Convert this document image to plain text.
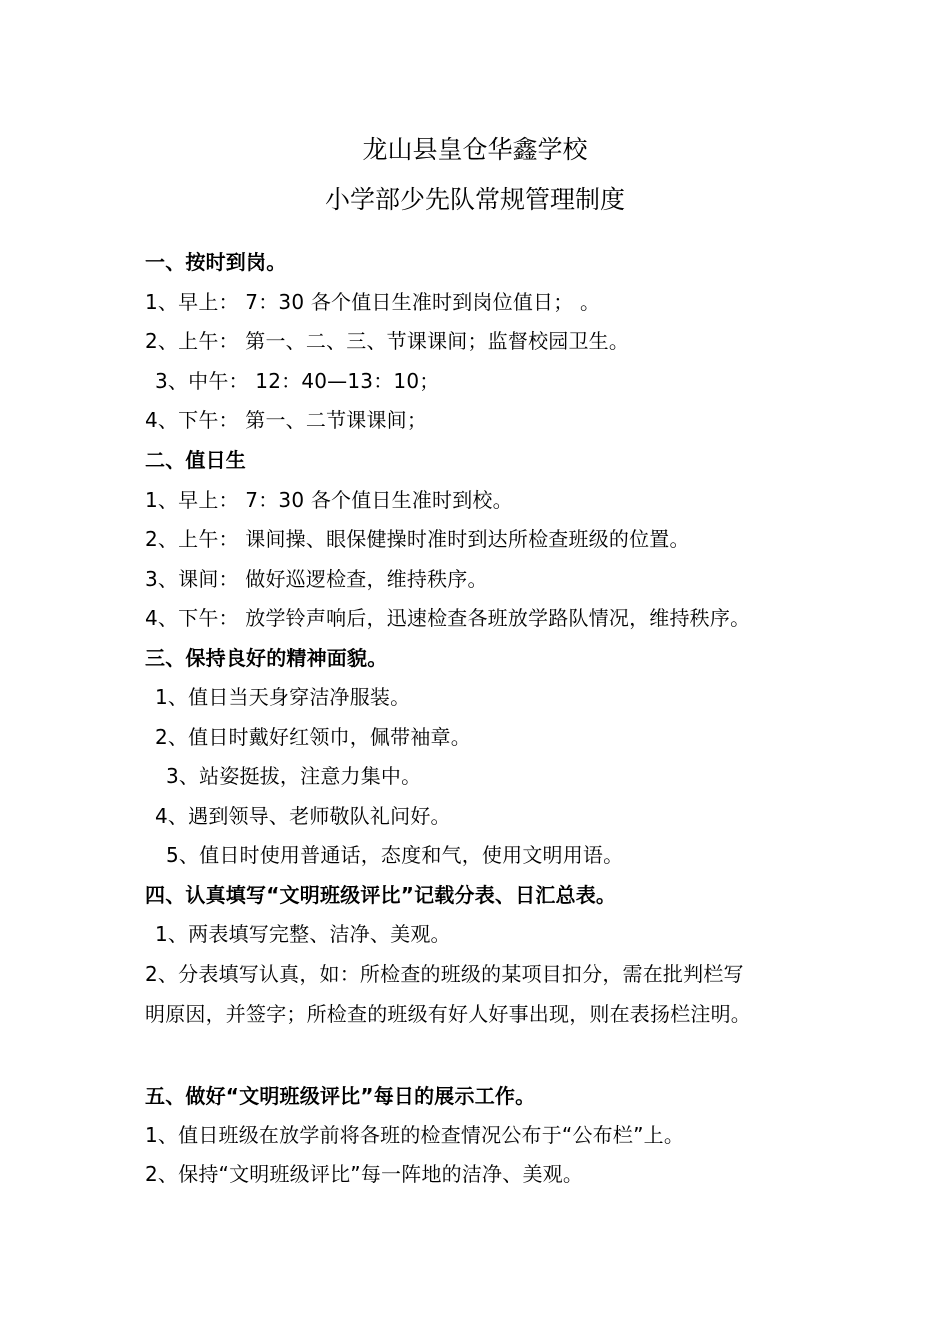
龙山县皇仓华鑫学校
小学部少先队常规管理制度
一、按时到岗。
1、早上： 7：30 各个值日生准时到岗位值日； 。
2、上午： 第一、二、三、节课课间；监督校园卫生。
3、中午： 12：40—13：10；
4、下午： 第一、二节课课间；
二、值日生
1、早上： 7：30 各个值日生准时到校。
2、上午： 课间操、眼保健操时准时到达所检查班级的位置。
3、课间： 做好巡逻检查，维持秩序。
4、下午： 放学铃声响后，迅速检查各班放学路队情况，维持秩序。
三、保持良好的精神面貌。
1、值日当天身穿洁净服装。
2、值日时戴好红领巾，佩带袖章。
3、站姿挺拔，注意力集中。
4、遇到领导、老师敬队礼问好。
5、值日时使用普通话，态度和气，使用文明用语。
四、认真填写“文明班级评比”记载分表、日汇总表。
1、两表填写完整、洁净、美观。
2、分表填写认真，如：所检查的班级的某项目扣分，需在批判栏写
明原因，并签字；所检查的班级有好人好事出现，则在表扬栏注明。
五、做好“文明班级评比”每日的展示工作。
1、值日班级在放学前将各班的检查情况公布于“公布栏”上。
2、保持“文明班级评比”每一阵地的洁净、美观。
